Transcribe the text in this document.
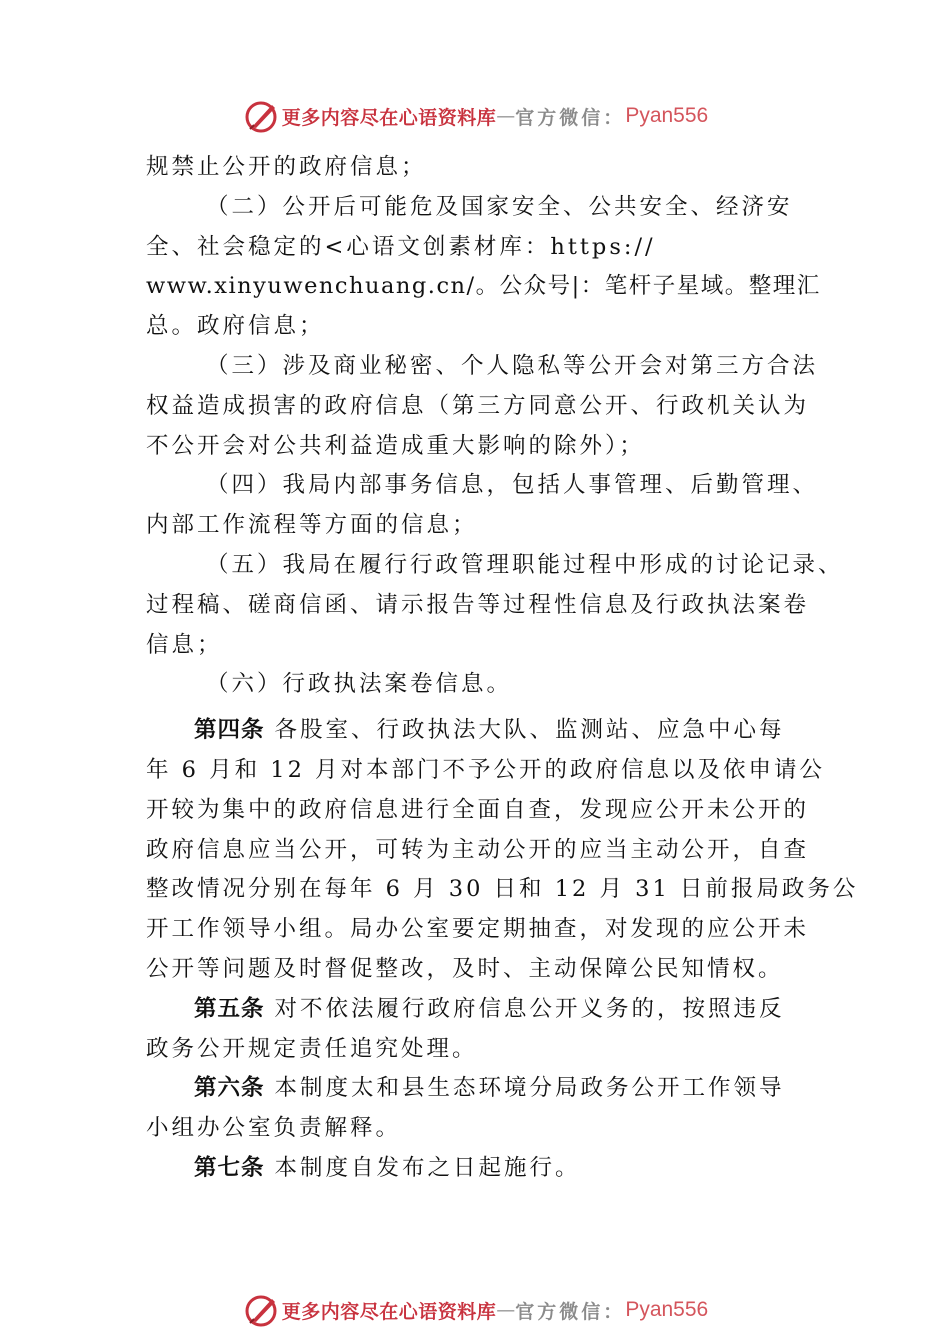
更多内容尽在心语资料库 — 官方微信： Pyan556
规禁止公开的政府信息；
（二）公开后可能危及国家安全、公共安全、经济安
全、社会稳定的<心语文创素材库：https://
www.xinyuwenchuang.cn/。公众号|：笔杆子星域。整理汇
总。政府信息；
（三）涉及商业秘密、个人隐私等公开会对第三方合法
权益造成损害的政府信息（第三方同意公开、行政机关认为
不公开会对公共利益造成重大影响的除外）；
（四）我局内部事务信息，包括人事管理、后勤管理、
内部工作流程等方面的信息；
（五）我局在履行行政管理职能过程中形成的讨论记录、
过程稿、磋商信函、请示报告等过程性信息及行政执法案卷
信息；
（六）行政执法案卷信息。
第四条 各股室、行政执法大队、监测站、应急中心每
年 6 月和 12 月对本部门不予公开的政府信息以及依申请公
开较为集中的政府信息进行全面自查，发现应公开未公开的
政府信息应当公开，可转为主动公开的应当主动公开，自查
整改情况分别在每年 6 月 30 日和 12 月 31 日前报局政务公
开工作领导小组。局办公室要定期抽查，对发现的应公开未
公开等问题及时督促整改，及时、主动保障公民知情权。
第五条 对不依法履行政府信息公开义务的，按照违反
政务公开规定责任追究处理。
第六条 本制度太和县生态环境分局政务公开工作领导
小组办公室负责解释。
第七条 本制度自发布之日起施行。
更多内容尽在心语资料库 — 官方微信： Pyan556
